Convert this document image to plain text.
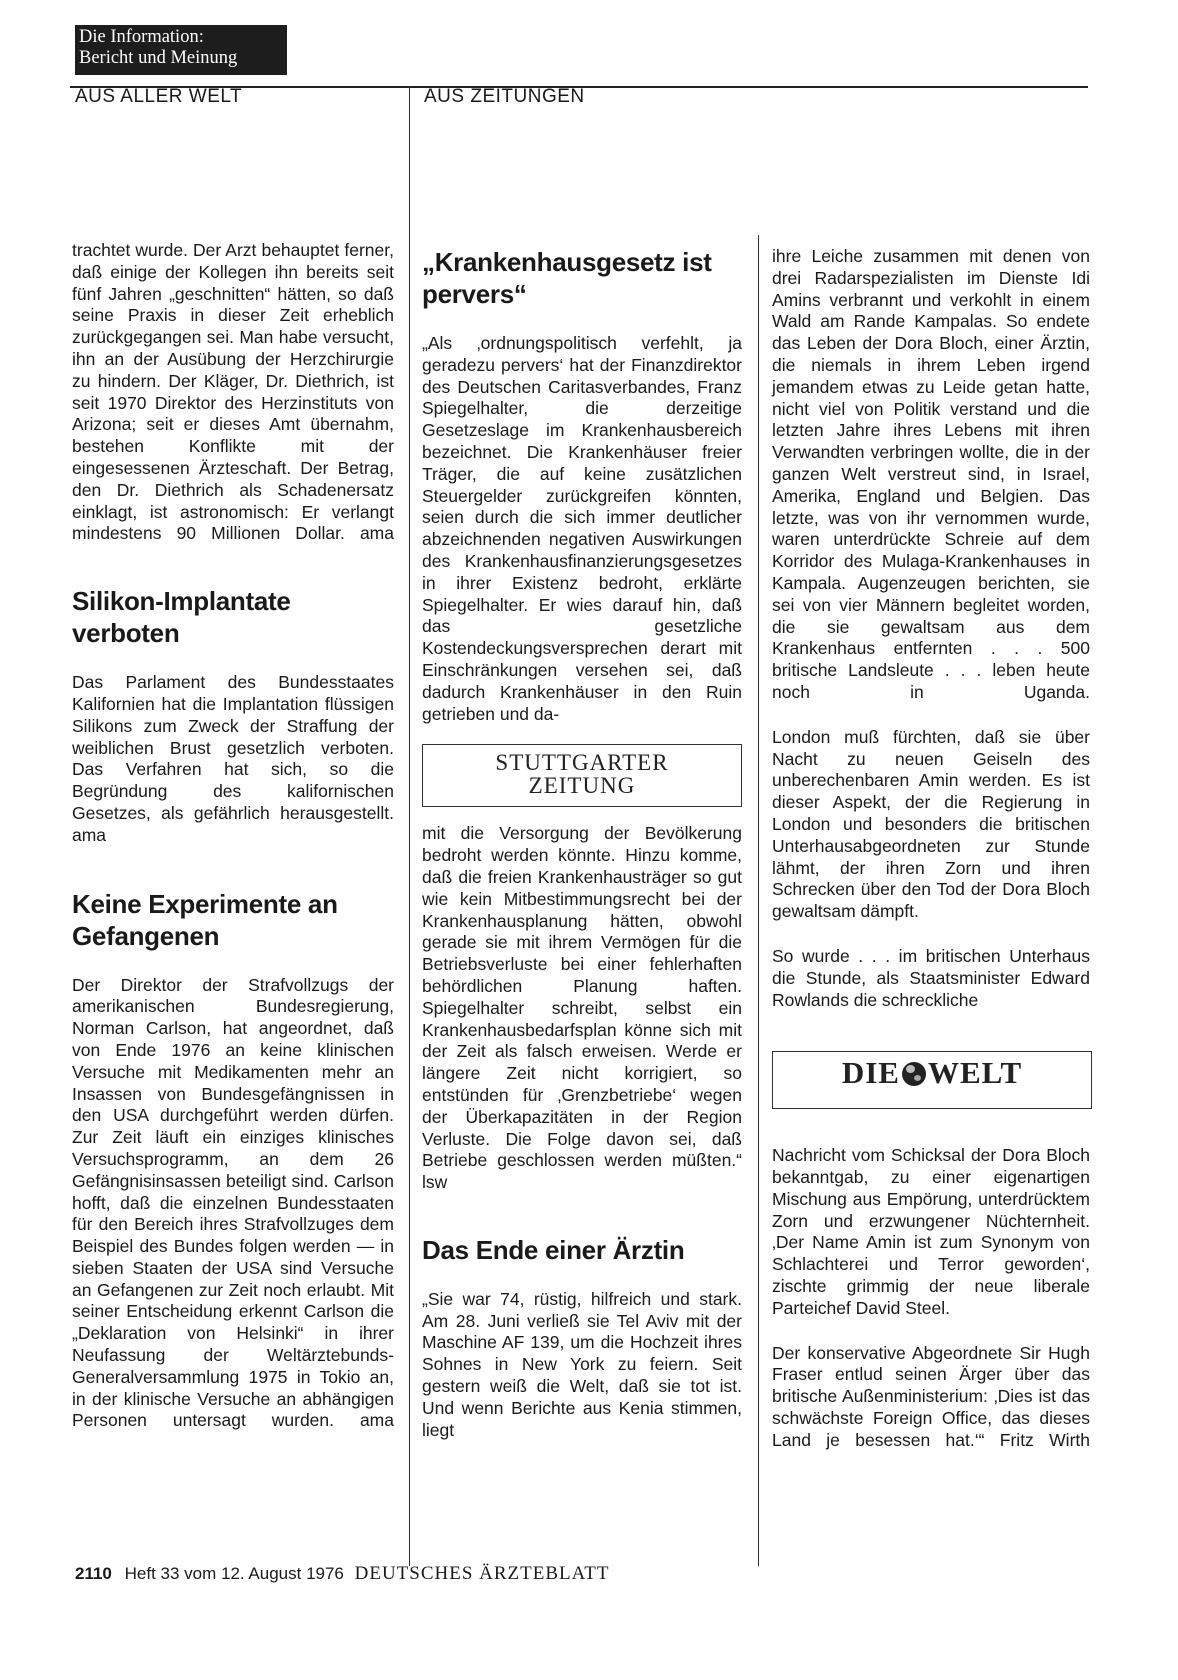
Die Information:
Bericht und Meinung
AUS ALLER WELT	AUS ZEITUNGEN

trachtet wurde. Der Arzt behauptet ferner, daß einige der Kollegen ihn bereits seit fünf Jahren „geschnitten“ hätten, so daß seine Praxis in dieser Zeit erheblich zurückgegangen sei. Man habe versucht, ihn an der Ausübung der Herzchirurgie zu hindern. Der Kläger, Dr. Diethrich, ist seit 1970 Direktor des Herzinstituts von Arizona; seit er dieses Amt übernahm, bestehen Konflikte mit der eingesessenen Ärzteschaft. Der Betrag, den Dr. Diethrich als Schadenersatz einklagt, ist astronomisch: Er verlangt mindestens 90 Millionen Dollar. ama

Silikon-Implantate verboten

Das Parlament des Bundesstaates Kalifornien hat die Implantation flüssigen Silikons zum Zweck der Straffung der weiblichen Brust gesetzlich verboten. Das Verfahren hat sich, so die Begründung des kalifornischen Gesetzes, als gefährlich herausgestellt. ama

Keine Experimente an Gefangenen

Der Direktor der Strafvollzugs der amerikanischen Bundesregierung, Norman Carlson, hat angeordnet, daß von Ende 1976 an keine klinischen Versuche mit Medikamenten mehr an Insassen von Bundesgefängnissen in den USA durchgeführt werden dürfen. Zur Zeit läuft ein einziges klinisches Versuchsprogramm, an dem 26 Gefängnisinsassen beteiligt sind. Carlson hofft, daß die einzelnen Bundesstaaten für den Bereich ihres Strafvollzuges dem Beispiel des Bundes folgen werden — in sieben Staaten der USA sind Versuche an Gefangenen zur Zeit noch erlaubt. Mit seiner Entscheidung erkennt Carlson die „Deklaration von Helsinki“ in ihrer Neufassung der Weltärztebunds-Generalversammlung 1975 in Tokio an, in der klinische Versuche an abhängigen Personen untersagt wurden. ama

„Krankenhausgesetz ist pervers“

„Als ‚ordnungspolitisch verfehlt, ja geradezu pervers‘ hat der Finanzdirektor des Deutschen Caritasverbandes, Franz Spiegelhalter, die derzeitige Gesetzeslage im Krankenhausbereich bezeichnet. Die Krankenhäuser freier Träger, die auf keine zusätzlichen Steuergelder zurückgreifen könnten, seien durch die sich immer deutlicher abzeichnenden negativen Auswirkungen des Krankenhausfinanzierungsgesetzes in ihrer Existenz bedroht, erklärte Spiegelhalter. Er wies darauf hin, daß das gesetzliche Kostendeckungsversprechen derart mit Einschränkungen versehen sei, daß dadurch Krankenhäuser in den Ruin getrieben und da-

STUTTGARTER
ZEITUNG

mit die Versorgung der Bevölkerung bedroht werden könnte. Hinzu komme, daß die freien Krankenhausträger so gut wie kein Mitbestimmungsrecht bei der Krankenhausplanung hätten, obwohl gerade sie mit ihrem Vermögen für die Betriebsverluste bei einer fehlerhaften behördlichen Planung haften. Spiegelhalter schreibt, selbst ein Krankenhausbedarfsplan könne sich mit der Zeit als falsch erweisen. Werde er längere Zeit nicht korrigiert, so entstünden für ‚Grenzbetriebe‘ wegen der Überkapazitäten in der Region Verluste. Die Folge davon sei, daß Betriebe geschlossen werden müßten.“ lsw

Das Ende einer Ärztin

„Sie war 74, rüstig, hilfreich und stark. Am 28. Juni verließ sie Tel Aviv mit der Maschine AF 139, um die Hochzeit ihres Sohnes in New York zu feiern. Seit gestern weiß die Welt, daß sie tot ist. Und wenn Berichte aus Kenia stimmen, liegt

ihre Leiche zusammen mit denen von drei Radarspezialisten im Dienste Idi Amins verbrannt und verkohlt in einem Wald am Rande Kampalas. So endete das Leben der Dora Bloch, einer Ärztin, die niemals in ihrem Leben irgend jemandem etwas zu Leide getan hatte, nicht viel von Politik verstand und die letzten Jahre ihres Lebens mit ihren Verwandten verbringen wollte, die in der ganzen Welt verstreut sind, in Israel, Amerika, England und Belgien. Das letzte, was von ihr vernommen wurde, waren unterdrückte Schreie auf dem Korridor des Mulaga-Krankenhauses in Kampala. Augenzeugen berichten, sie sei von vier Männern begleitet worden, die sie gewaltsam aus dem Krankenhaus entfernten . . . 500 britische Landsleute . . . leben heute noch in Uganda.

London muß fürchten, daß sie über Nacht zu neuen Geiseln des unberechenbaren Amin werden. Es ist dieser Aspekt, der die Regierung in London und besonders die britischen Unterhausabgeordneten zur Stunde lähmt, der ihren Zorn und ihren Schrecken über den Tod der Dora Bloch gewaltsam dämpft.

So wurde . . . im britischen Unterhaus die Stunde, als Staatsminister Edward Rowlands die schreckliche

DIE WELT

Nachricht vom Schicksal der Dora Bloch bekanntgab, zu einer eigenartigen Mischung aus Empörung, unterdrücktem Zorn und erzwungener Nüchternheit. ‚Der Name Amin ist zum Synonym von Schlachterei und Terror geworden‘, zischte grimmig der neue liberale Parteichef David Steel.

Der konservative Abgeordnete Sir Hugh Fraser entlud seinen Ärger über das britische Außenministerium: ‚Dies ist das schwächste Foreign Office, das dieses Land je besessen hat.‘“ Fritz Wirth

2110 Heft 33 vom 12. August 1976 DEUTSCHES ÄRZTEBLATT
